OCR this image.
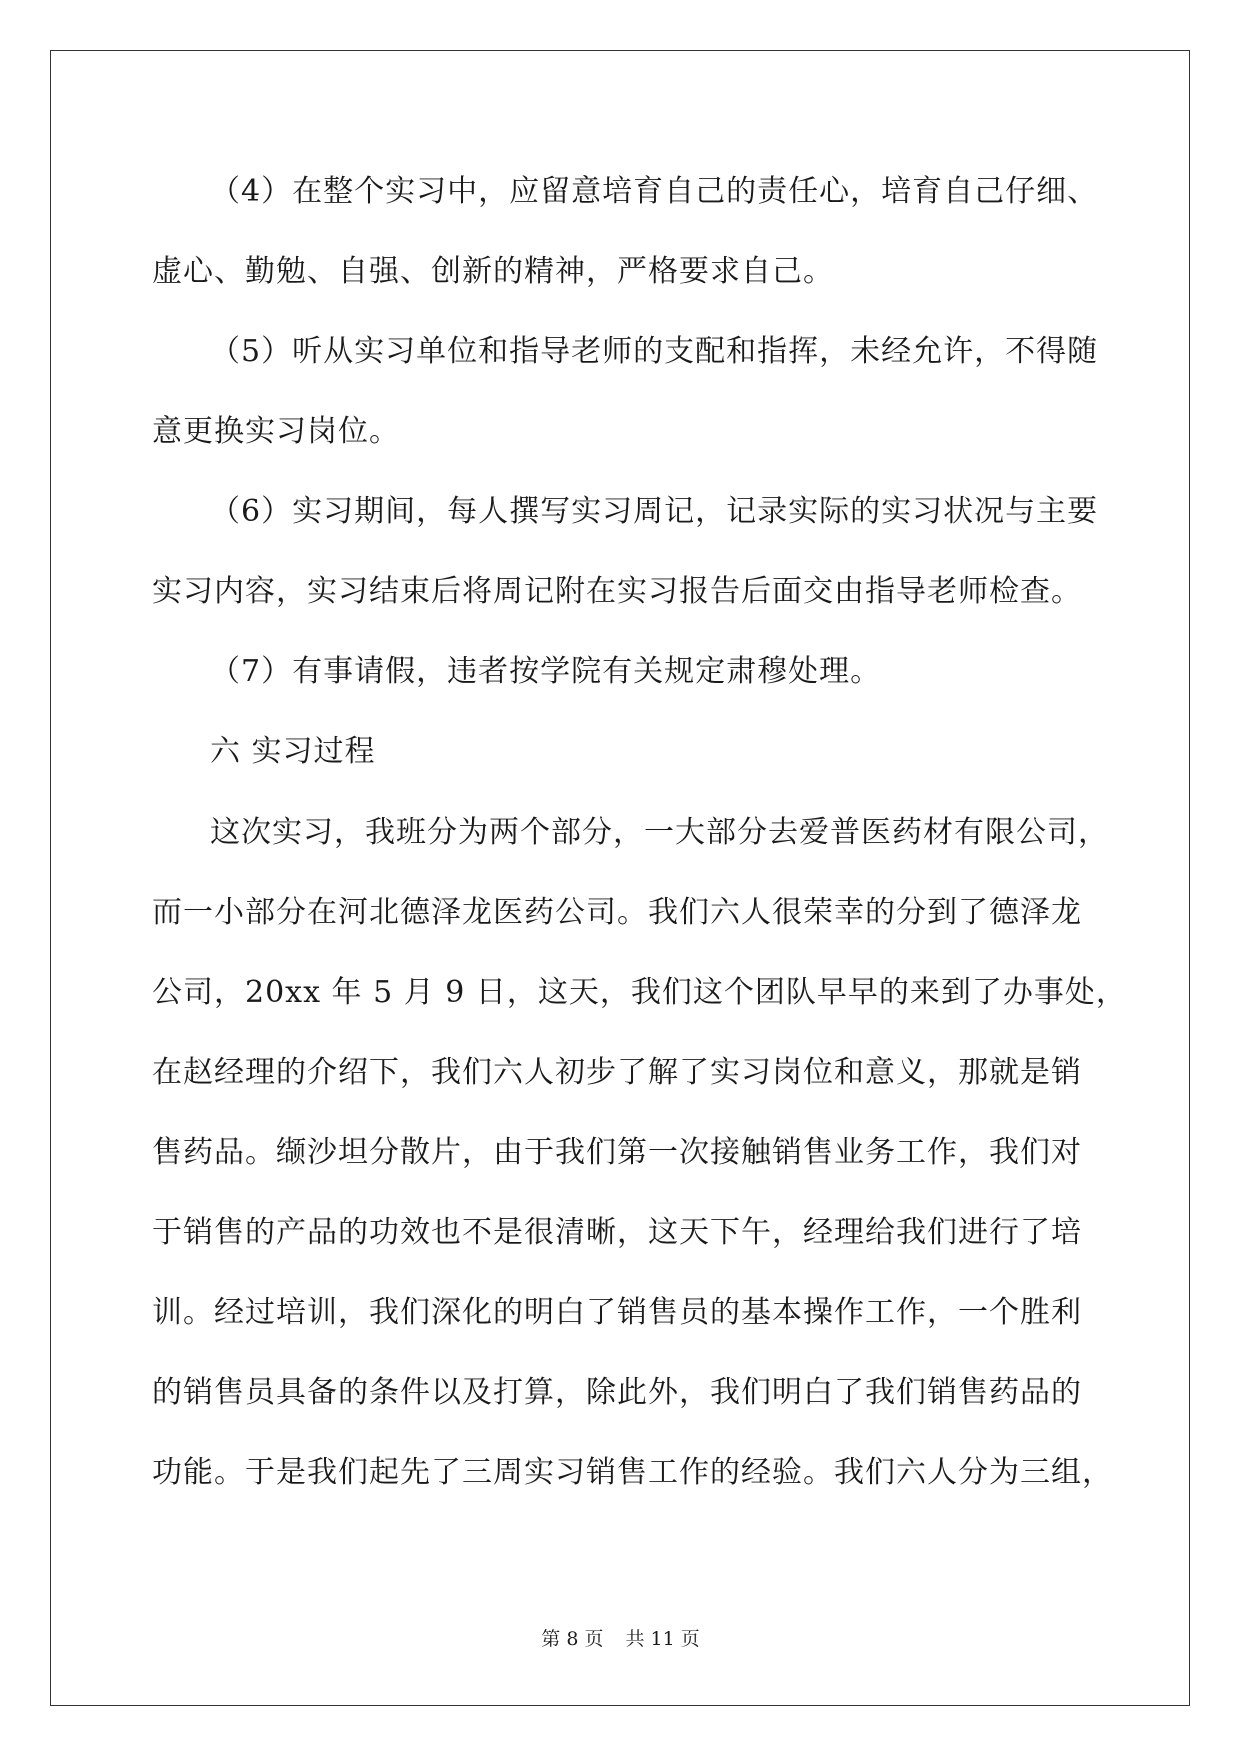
（4）在整个实习中，应留意培育自己的责任心，培育自己仔细、
虚心、勤勉、自强、创新的精神，严格要求自己。
（5）听从实习单位和指导老师的支配和指挥，未经允许，不得随
意更换实习岗位。
（6）实习期间，每人撰写实习周记，记录实际的实习状况与主要
实习内容，实习结束后将周记附在实习报告后面交由指导老师检查。
（7）有事请假，违者按学院有关规定肃穆处理。
六 实习过程
这次实习，我班分为两个部分，一大部分去爱普医药材有限公司，
而一小部分在河北德泽龙医药公司。我们六人很荣幸的分到了德泽龙
公司，20xx 年 5 月 9 日，这天，我们这个团队早早的来到了办事处，
在赵经理的介绍下，我们六人初步了解了实习岗位和意义，那就是销
售药品。缬沙坦分散片，由于我们第一次接触销售业务工作，我们对
于销售的产品的功效也不是很清晰，这天下午，经理给我们进行了培
训。经过培训，我们深化的明白了销售员的基本操作工作，一个胜利
的销售员具备的条件以及打算，除此外，我们明白了我们销售药品的
功能。于是我们起先了三周实习销售工作的经验。我们六人分为三组，
第 8 页 共 11 页
